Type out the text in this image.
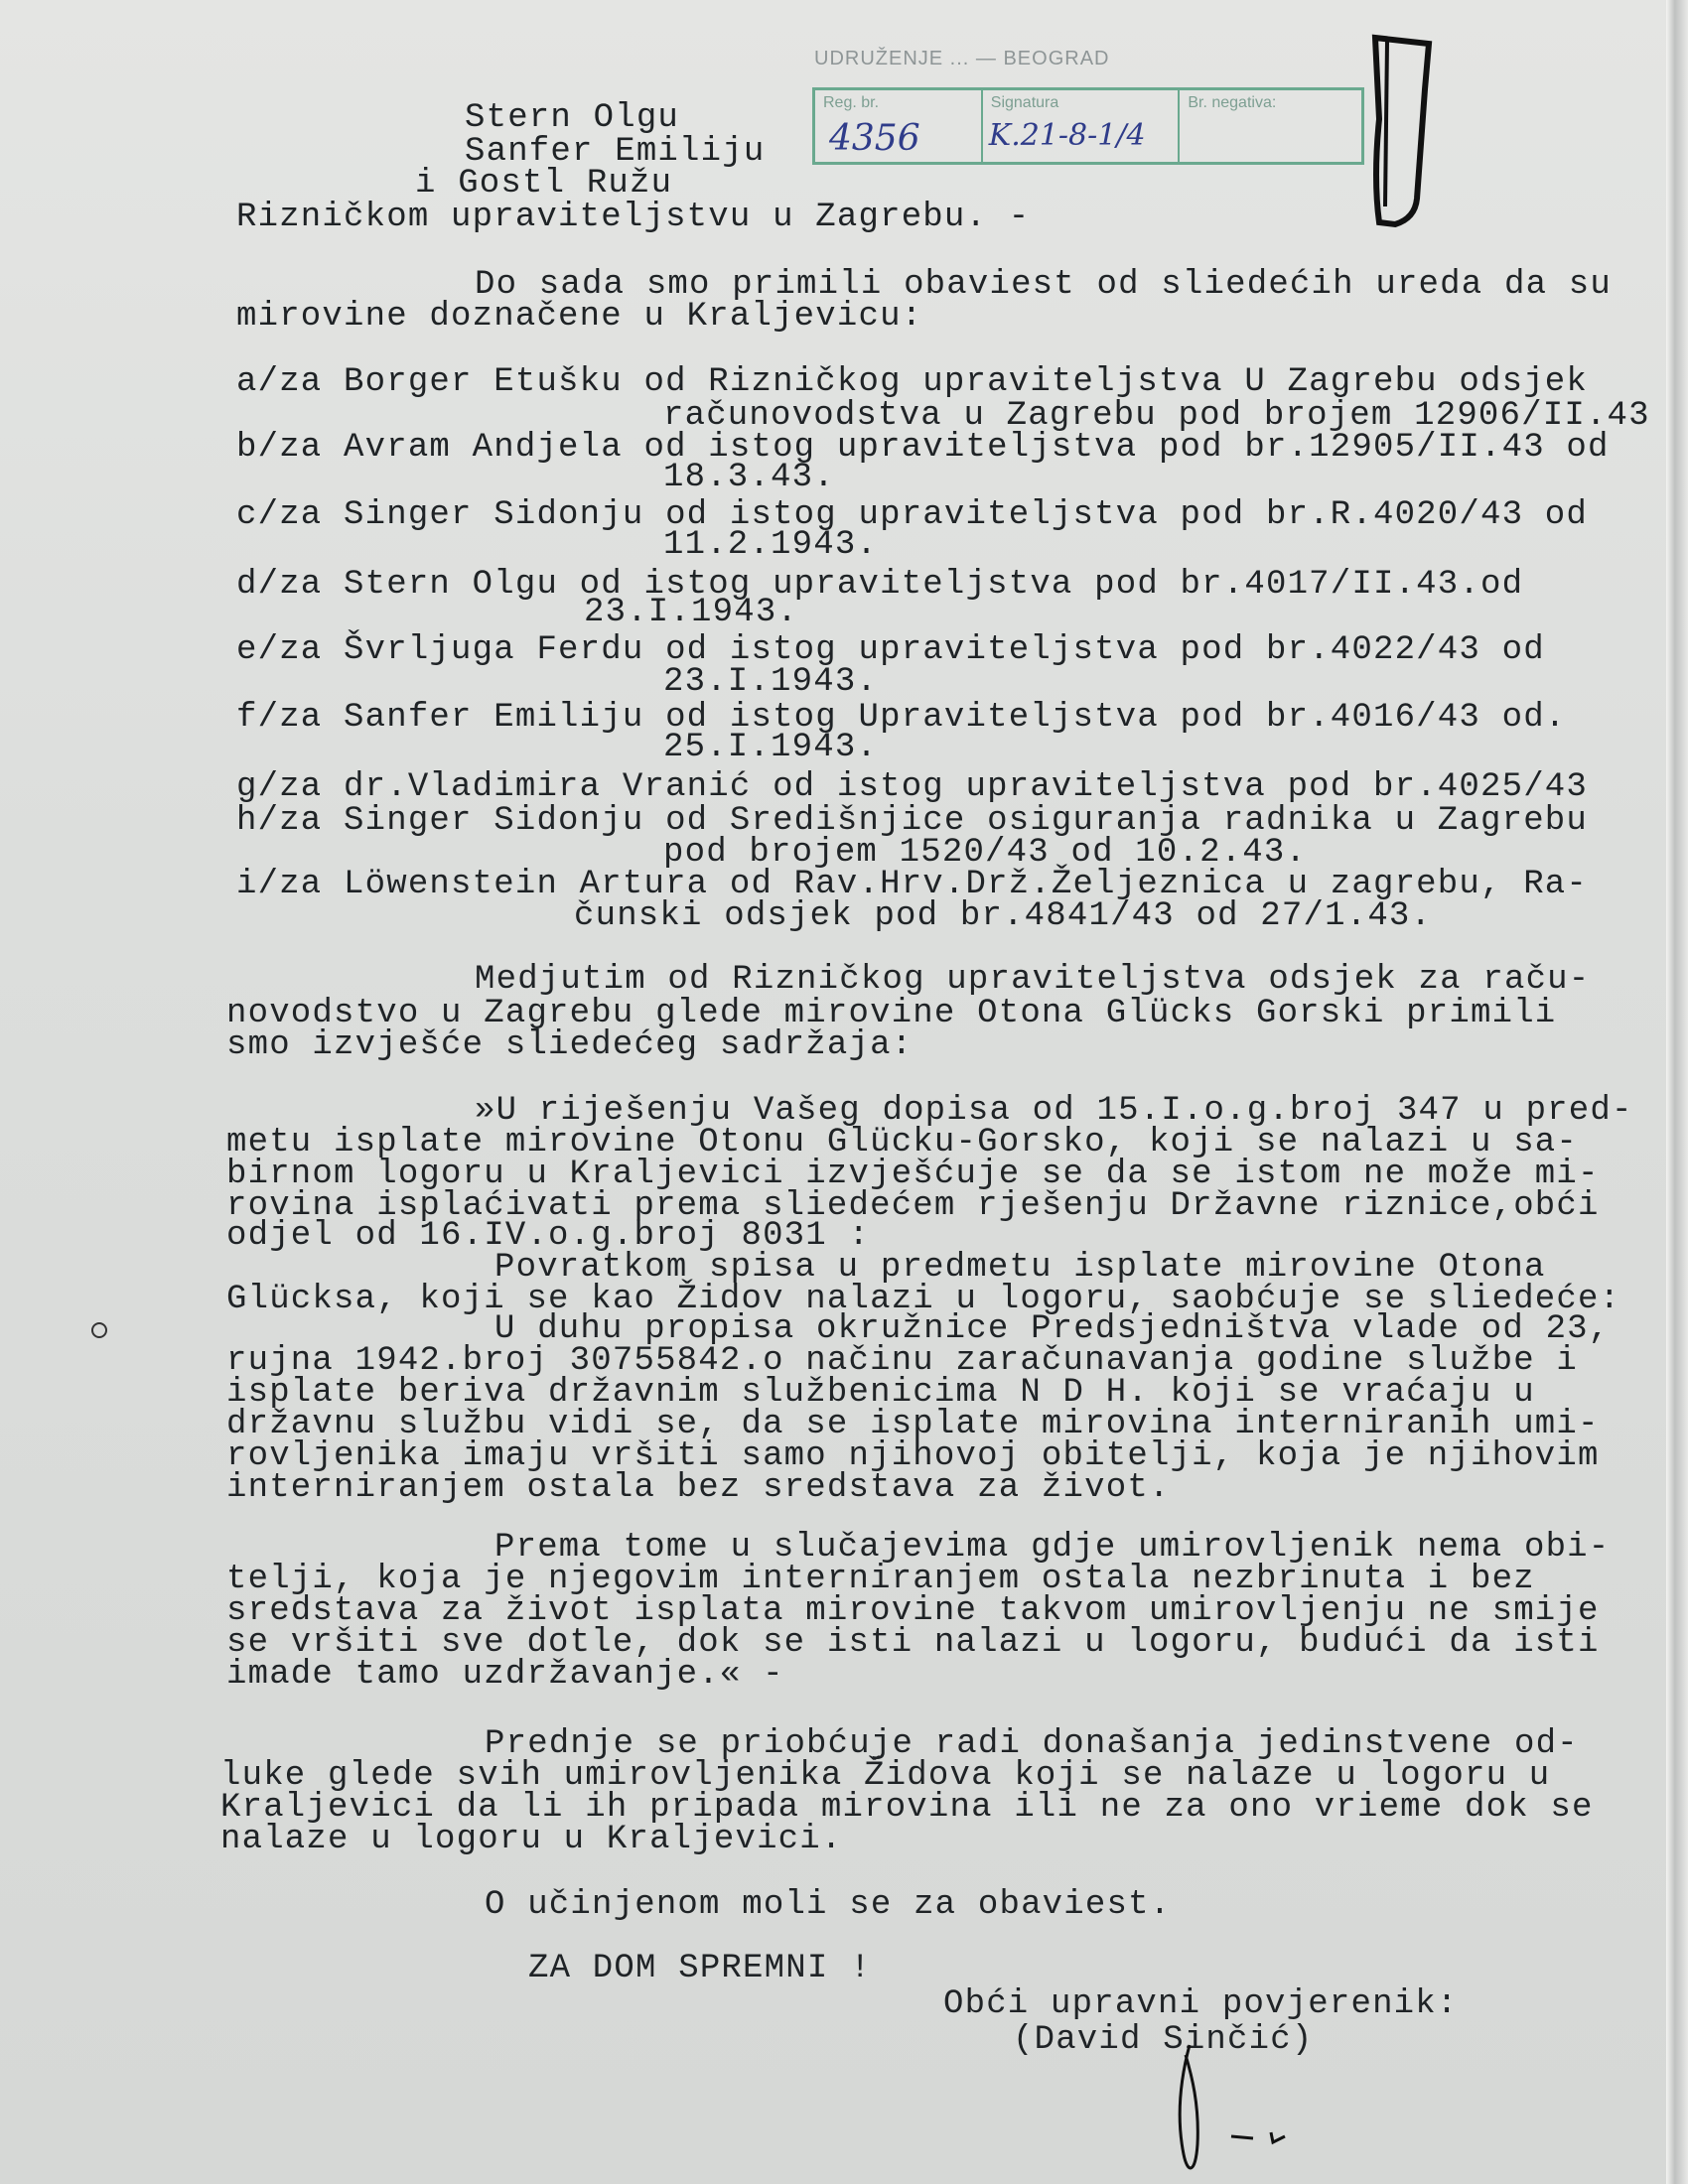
UDRUŽENJE ... — BEOGRAD
Reg. br.
4356
Signatura
K.21-8-1/4
Br. negativa:
Stern Olgu
Sanfer Emiliju
i Gostl Ružu
Rizničkom upraviteljstvu u Zagrebu. -
Do sada smo primili obaviest od sliedećih ureda da su
mirovine doznačene u Kraljevicu:
a/za Borger Etušku od Rizničkog upraviteljstva U Zagrebu odsjek
računovodstva u Zagrebu pod brojem 12906/II.43
b/za Avram Andjela od istog upraviteljstva pod br.12905/II.43 od
18.3.43.
c/za Singer Sidonju od istog upraviteljstva pod br.R.4020/43 od
11.2.1943.
d/za Stern Olgu od istog upraviteljstva pod br.4017/II.43.od
23.I.1943.
e/za Švrljuga Ferdu od istog upraviteljstva pod br.4022/43 od
23.I.1943.
f/za Sanfer Emiliju od istog Upraviteljstva pod br.4016/43 od.
25.I.1943.
g/za dr.Vladimira Vranić od istog upraviteljstva pod br.4025/43
h/za Singer Sidonju od Središnjice osiguranja radnika u Zagrebu
pod brojem 1520/43 od 10.2.43.
i/za Löwenstein Artura od Rav.Hrv.Drž.Željeznica u zagrebu, Ra-
čunski odsjek pod br.4841/43 od 27/1.43.
Medjutim od Rizničkog upraviteljstva odsjek za raču-
novodstvo u Zagrebu glede mirovine Otona Glücks Gorski primili
smo izvješće sliedećeg sadržaja:
»U riješenju Vašeg dopisa od 15.I.o.g.broj 347 u pred-
metu isplate mirovine Otonu Glücku-Gorsko, koji se nalazi u sa-
birnom logoru u Kraljevici izvješćuje se da se istom ne može mi-
rovina isplaćivati prema sliedećem rješenju Državne riznice,obći
odjel od 16.IV.o.g.broj 8031 :
Povratkom spisa u predmetu isplate mirovine Otona
Glücksa, koji se kao Židov nalazi u logoru, saobćuje se sliedeće:
U duhu propisa okružnice Predsjedništva vlade od 23,
rujna 1942.broj 30755842.o načinu zaračunavanja godine službe i
isplate beriva državnim službenicima N D H. koji se vraćaju u
državnu službu vidi se, da se isplate mirovina interniranih umi-
rovljenika imaju vršiti samo njihovoj obitelji, koja je njihovim
interniranjem ostala bez sredstava za život.
Prema tome u slučajevima gdje umirovljenik nema obi-
telji, koja je njegovim interniranjem ostala nezbrinuta i bez
sredstava za život isplata mirovine takvom umirovljenju ne smije
se vršiti sve dotle, dok se isti nalazi u logoru, budući da isti
imade tamo uzdržavanje.« -
Prednje se priobćuje radi donašanja jedinstvene od-
luke glede svih umirovljenika Židova koji se nalaze u logoru u
Kraljevici da li ih pripada mirovina ili ne za ono vrieme dok se
nalaze u logoru u Kraljevici.
O učinjenom moli se za obaviest.
ZA DOM SPREMNI !
Obći upravni povjerenik:
(David Sinčić)
